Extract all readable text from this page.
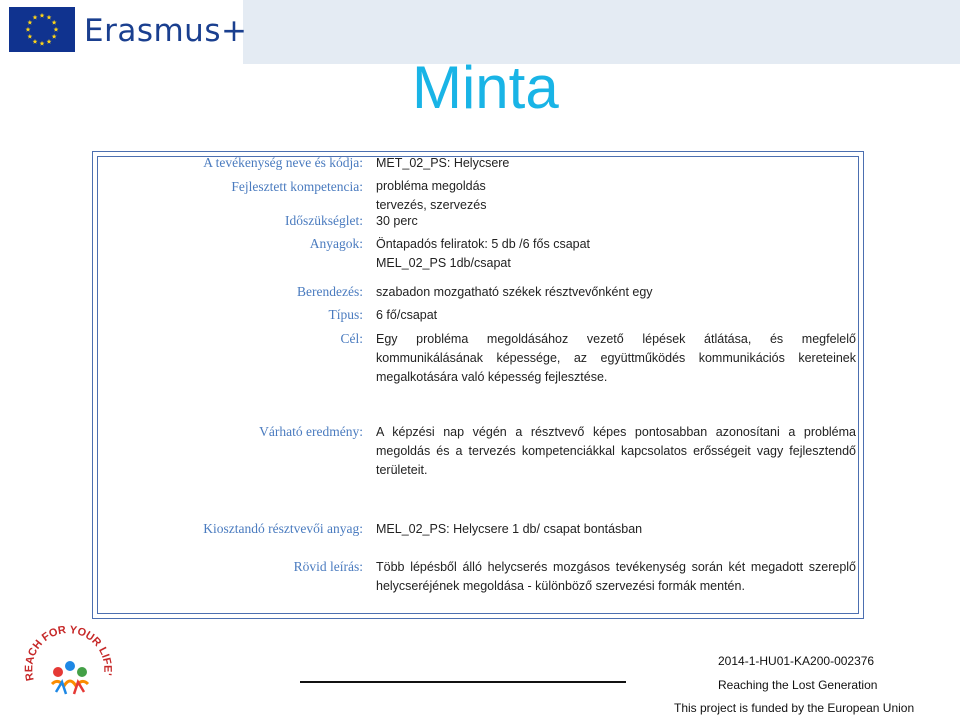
Erasmus+
Minta
A tevékenység neve és kódja: MET_02_PS: Helycsere
Fejlesztett kompetencia: probléma megoldás
tervezés, szervezés
Időszükséglet: 30 perc
Anyagok: Öntapadós feliratok: 5 db /6 fős csapat
MEL_02_PS 1db/csapat
Berendezés: szabadon mozgatható székek résztvevőnként egy
Típus: 6 fő/csapat
Cél: Egy probléma megoldásához vezető lépések átlátása, és megfelelő kommunikálásának képessége, az együttműködés kommunikációs kereteinek megalkotására való képesség fejlesztése.
Várható eredmény: A képzési nap végén a résztvevő képes pontosabban azonosítani a probléma megoldás és a tervezés kompetenciákkal kapcsolatos erősségeit vagy fejlesztendő területeit.
Kiosztandó résztvevői anyag: MEL_02_PS: Helycsere 1 db/ csapat bontásban
Rövid leírás: Több lépésből álló helycserés mozgásos tevékenység során két megadott szereplő helycseréjének megoldása - különböző szervezési formák mentén.
REACH FOR YOUR LIFE'
2014-1-HU01-KA200-002376
Reaching the Lost Generation
This project is funded by the European Union
